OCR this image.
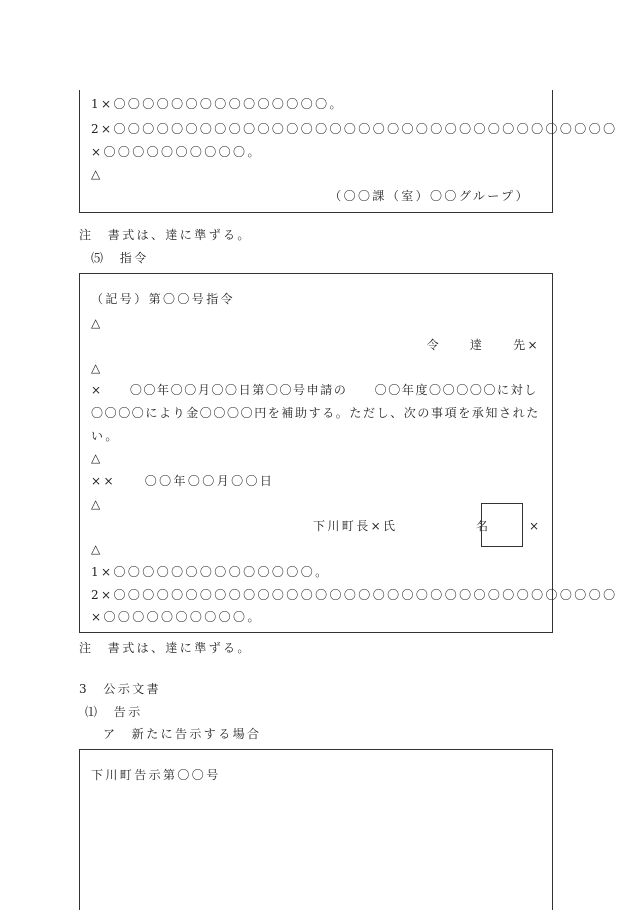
1×〇〇〇〇〇〇〇〇〇〇〇〇〇〇〇。
2×〇〇〇〇〇〇〇〇〇〇〇〇〇〇〇〇〇〇〇〇〇〇〇〇〇〇〇〇〇〇〇〇〇〇〇
×〇〇〇〇〇〇〇〇〇〇。
△
（〇〇課（室）〇〇グループ）
注　書式は、達に準ずる。
⑸　指令
（記号）第〇〇号指令
△
令　　達　　先×
△
×　　〇〇年〇〇月〇〇日第〇〇号申請の　　〇〇年度〇〇〇〇〇に対し
〇〇〇〇により金〇〇〇〇円を補助する。ただし、次の事項を承知された
い。
△
××　　〇〇年〇〇月〇〇日
△
下川町長×氏	名	×
△
1×〇〇〇〇〇〇〇〇〇〇〇〇〇〇。
2×〇〇〇〇〇〇〇〇〇〇〇〇〇〇〇〇〇〇〇〇〇〇〇〇〇〇〇〇〇〇〇〇〇〇〇
×〇〇〇〇〇〇〇〇〇〇。
注　書式は、達に準ずる。
3　公示文書
⑴　告示
ア　新たに告示する場合
下川町告示第〇〇号
